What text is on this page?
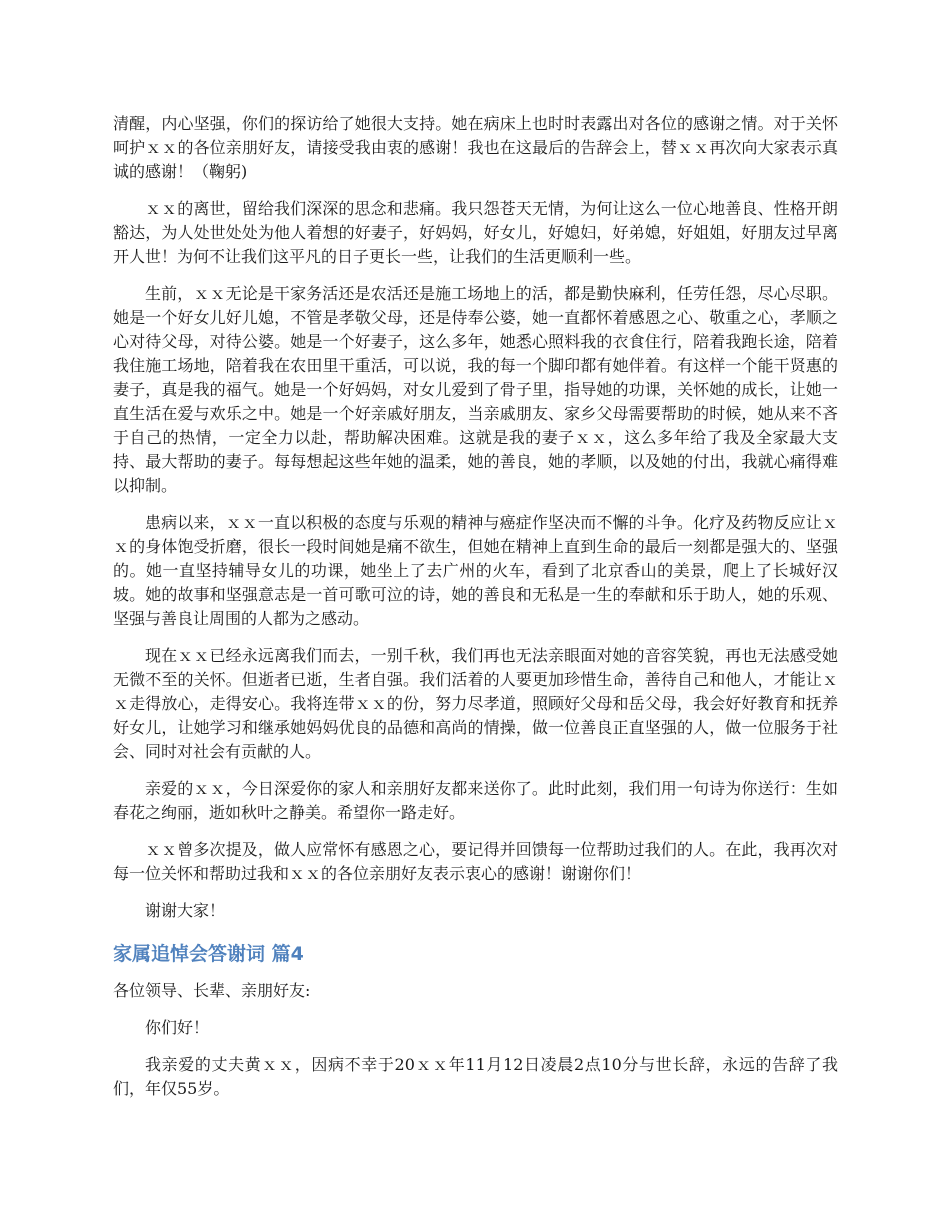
清醒，内心坚强，你们的探访给了她很大支持。她在病床上也时时表露出对各位的感谢之情。对于关怀呵护ｘｘ的各位亲朋好友，请接受我由衷的感谢！我也在这最后的告辞会上，替ｘｘ再次向大家表示真诚的感谢！（鞠躬)

ｘｘ的离世，留给我们深深的思念和悲痛。我只怨苍天无情，为何让这么一位心地善良、性格开朗豁达，为人处世处处为他人着想的好妻子，好妈妈，好女儿，好媳妇，好弟媳，好姐姐，好朋友过早离开人世！为何不让我们这平凡的日子更长一些，让我们的生活更顺利一些。

生前，ｘｘ无论是干家务活还是农活还是施工场地上的活，都是勤快麻利，任劳任怨，尽心尽职。她是一个好女儿好儿媳，不管是孝敬父母，还是侍奉公婆，她一直都怀着感恩之心、敬重之心，孝顺之心对待父母，对待公婆。她是一个好妻子，这么多年，她悉心照料我的衣食住行，陪着我跑长途，陪着我住施工场地，陪着我在农田里干重活，可以说，我的每一个脚印都有她伴着。有这样一个能干贤惠的妻子，真是我的福气。她是一个好妈妈，对女儿爱到了骨子里，指导她的功课，关怀她的成长，让她一直生活在爱与欢乐之中。她是一个好亲戚好朋友，当亲戚朋友、家乡父母需要帮助的时候，她从来不吝于自己的热情，一定全力以赴，帮助解决困难。这就是我的妻子ｘｘ，这么多年给了我及全家最大支持、最大帮助的妻子。每每想起这些年她的温柔，她的善良，她的孝顺，以及她的付出，我就心痛得难以抑制。

患病以来，ｘｘ一直以积极的态度与乐观的精神与癌症作坚决而不懈的斗争。化疗及药物反应让ｘｘ的身体饱受折磨，很长一段时间她是痛不欲生，但她在精神上直到生命的最后一刻都是强大的、坚强的。她一直坚持辅导女儿的功课，她坐上了去广州的火车，看到了北京香山的美景，爬上了长城好汉坡。她的故事和坚强意志是一首可歌可泣的诗，她的善良和无私是一生的奉献和乐于助人，她的乐观、坚强与善良让周围的人都为之感动。

现在ｘｘ已经永远离我们而去，一别千秋，我们再也无法亲眼面对她的音容笑貌，再也无法感受她无微不至的关怀。但逝者已逝，生者自强。我们活着的人要更加珍惜生命，善待自己和他人，才能让ｘｘ走得放心，走得安心。我将连带ｘｘ的份，努力尽孝道，照顾好父母和岳父母，我会好好教育和抚养好女儿，让她学习和继承她妈妈优良的品德和高尚的情操，做一位善良正直坚强的人，做一位服务于社会、同时对社会有贡献的人。

亲爱的ｘｘ，今日深爱你的家人和亲朋好友都来送你了。此时此刻，我们用一句诗为你送行：生如春花之绚丽，逝如秋叶之静美。希望你一路走好。

ｘｘ曾多次提及，做人应常怀有感恩之心，要记得并回馈每一位帮助过我们的人。在此，我再次对每一位关怀和帮助过我和ｘｘ的各位亲朋好友表示衷心的感谢！谢谢你们！

谢谢大家！

家属追悼会答谢词 篇4

各位领导、长辈、亲朋好友:

你们好！

我亲爱的丈夫黄ｘｘ，因病不幸于20ｘｘ年11月12日凌晨2点10分与世长辞，永远的告辞了我们，年仅55岁。
